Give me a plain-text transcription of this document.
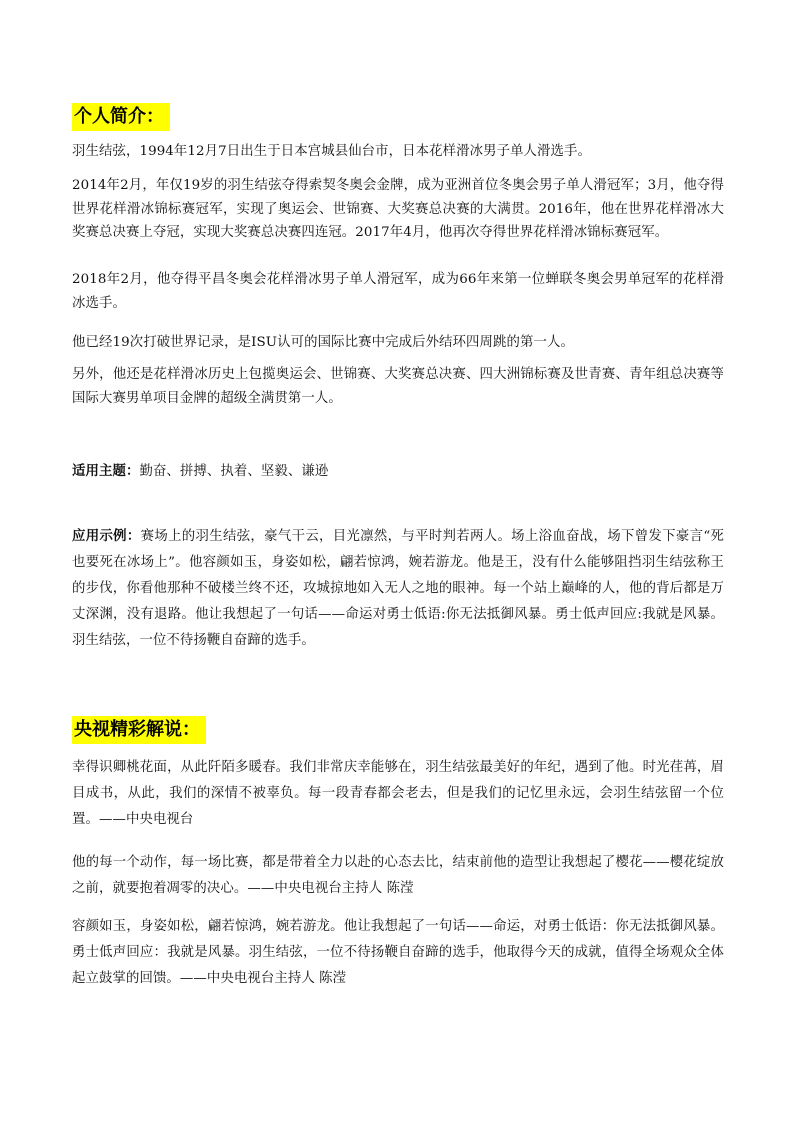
个人简介：

羽生结弦，1994年12月7日出生于日本宫城县仙台市，日本花样滑冰男子单人滑选手。

2014年2月，年仅19岁的羽生结弦夺得索契冬奥会金牌，成为亚洲首位冬奥会男子单人滑冠军；3月，他夺得世界花样滑冰锦标赛冠军，实现了奥运会、世锦赛、大奖赛总决赛的大满贯。2016年，他在世界花样滑冰大奖赛总决赛上夺冠，实现大奖赛总决赛四连冠。2017年4月，他再次夺得世界花样滑冰锦标赛冠军。

2018年2月，他夺得平昌冬奥会花样滑冰男子单人滑冠军，成为66年来第一位蝉联冬奥会男单冠军的花样滑冰选手。

他已经19次打破世界记录，是ISU认可的国际比赛中完成后外结环四周跳的第一人。

另外，他还是花样滑冰历史上包揽奥运会、世锦赛、大奖赛总决赛、四大洲锦标赛及世青赛、青年组总决赛等国际大赛男单项目金牌的超级全满贯第一人。

适用主题：勤奋、拼搏、执着、坚毅、谦逊

应用示例：赛场上的羽生结弦，豪气干云，目光凛然，与平时判若两人。场上浴血奋战，场下曾发下豪言“死也要死在冰场上”。他容颜如玉，身姿如松，翩若惊鸿，婉若游龙。他是王，没有什么能够阻挡羽生结弦称王的步伐，你看他那种不破楼兰终不还，攻城掠地如入无人之地的眼神。每一个站上巅峰的人，他的背后都是万丈深渊，没有退路。他让我想起了一句话——命运对勇士低语:你无法抵御风暴。勇士低声回应:我就是风暴。羽生结弦，一位不待扬鞭自奋蹄的选手。

央视精彩解说：

幸得识卿桃花面，从此阡陌多暖春。我们非常庆幸能够在，羽生结弦最美好的年纪，遇到了他。时光荏苒，眉目成书，从此，我们的深情不被辜负。每一段青春都会老去，但是我们的记忆里永远，会羽生结弦留一个位置。——中央电视台

他的每一个动作，每一场比赛，都是带着全力以赴的心态去比，结束前他的造型让我想起了樱花——樱花绽放之前，就要抱着凋零的决心。——中央电视台主持人 陈滢

容颜如玉，身姿如松，翩若惊鸿，婉若游龙。他让我想起了一句话——命运，对勇士低语：你无法抵御风暴。勇士低声回应：我就是风暴。羽生结弦，一位不待扬鞭自奋蹄的选手，他取得今天的成就，值得全场观众全体起立鼓掌的回馈。——中央电视台主持人 陈滢
